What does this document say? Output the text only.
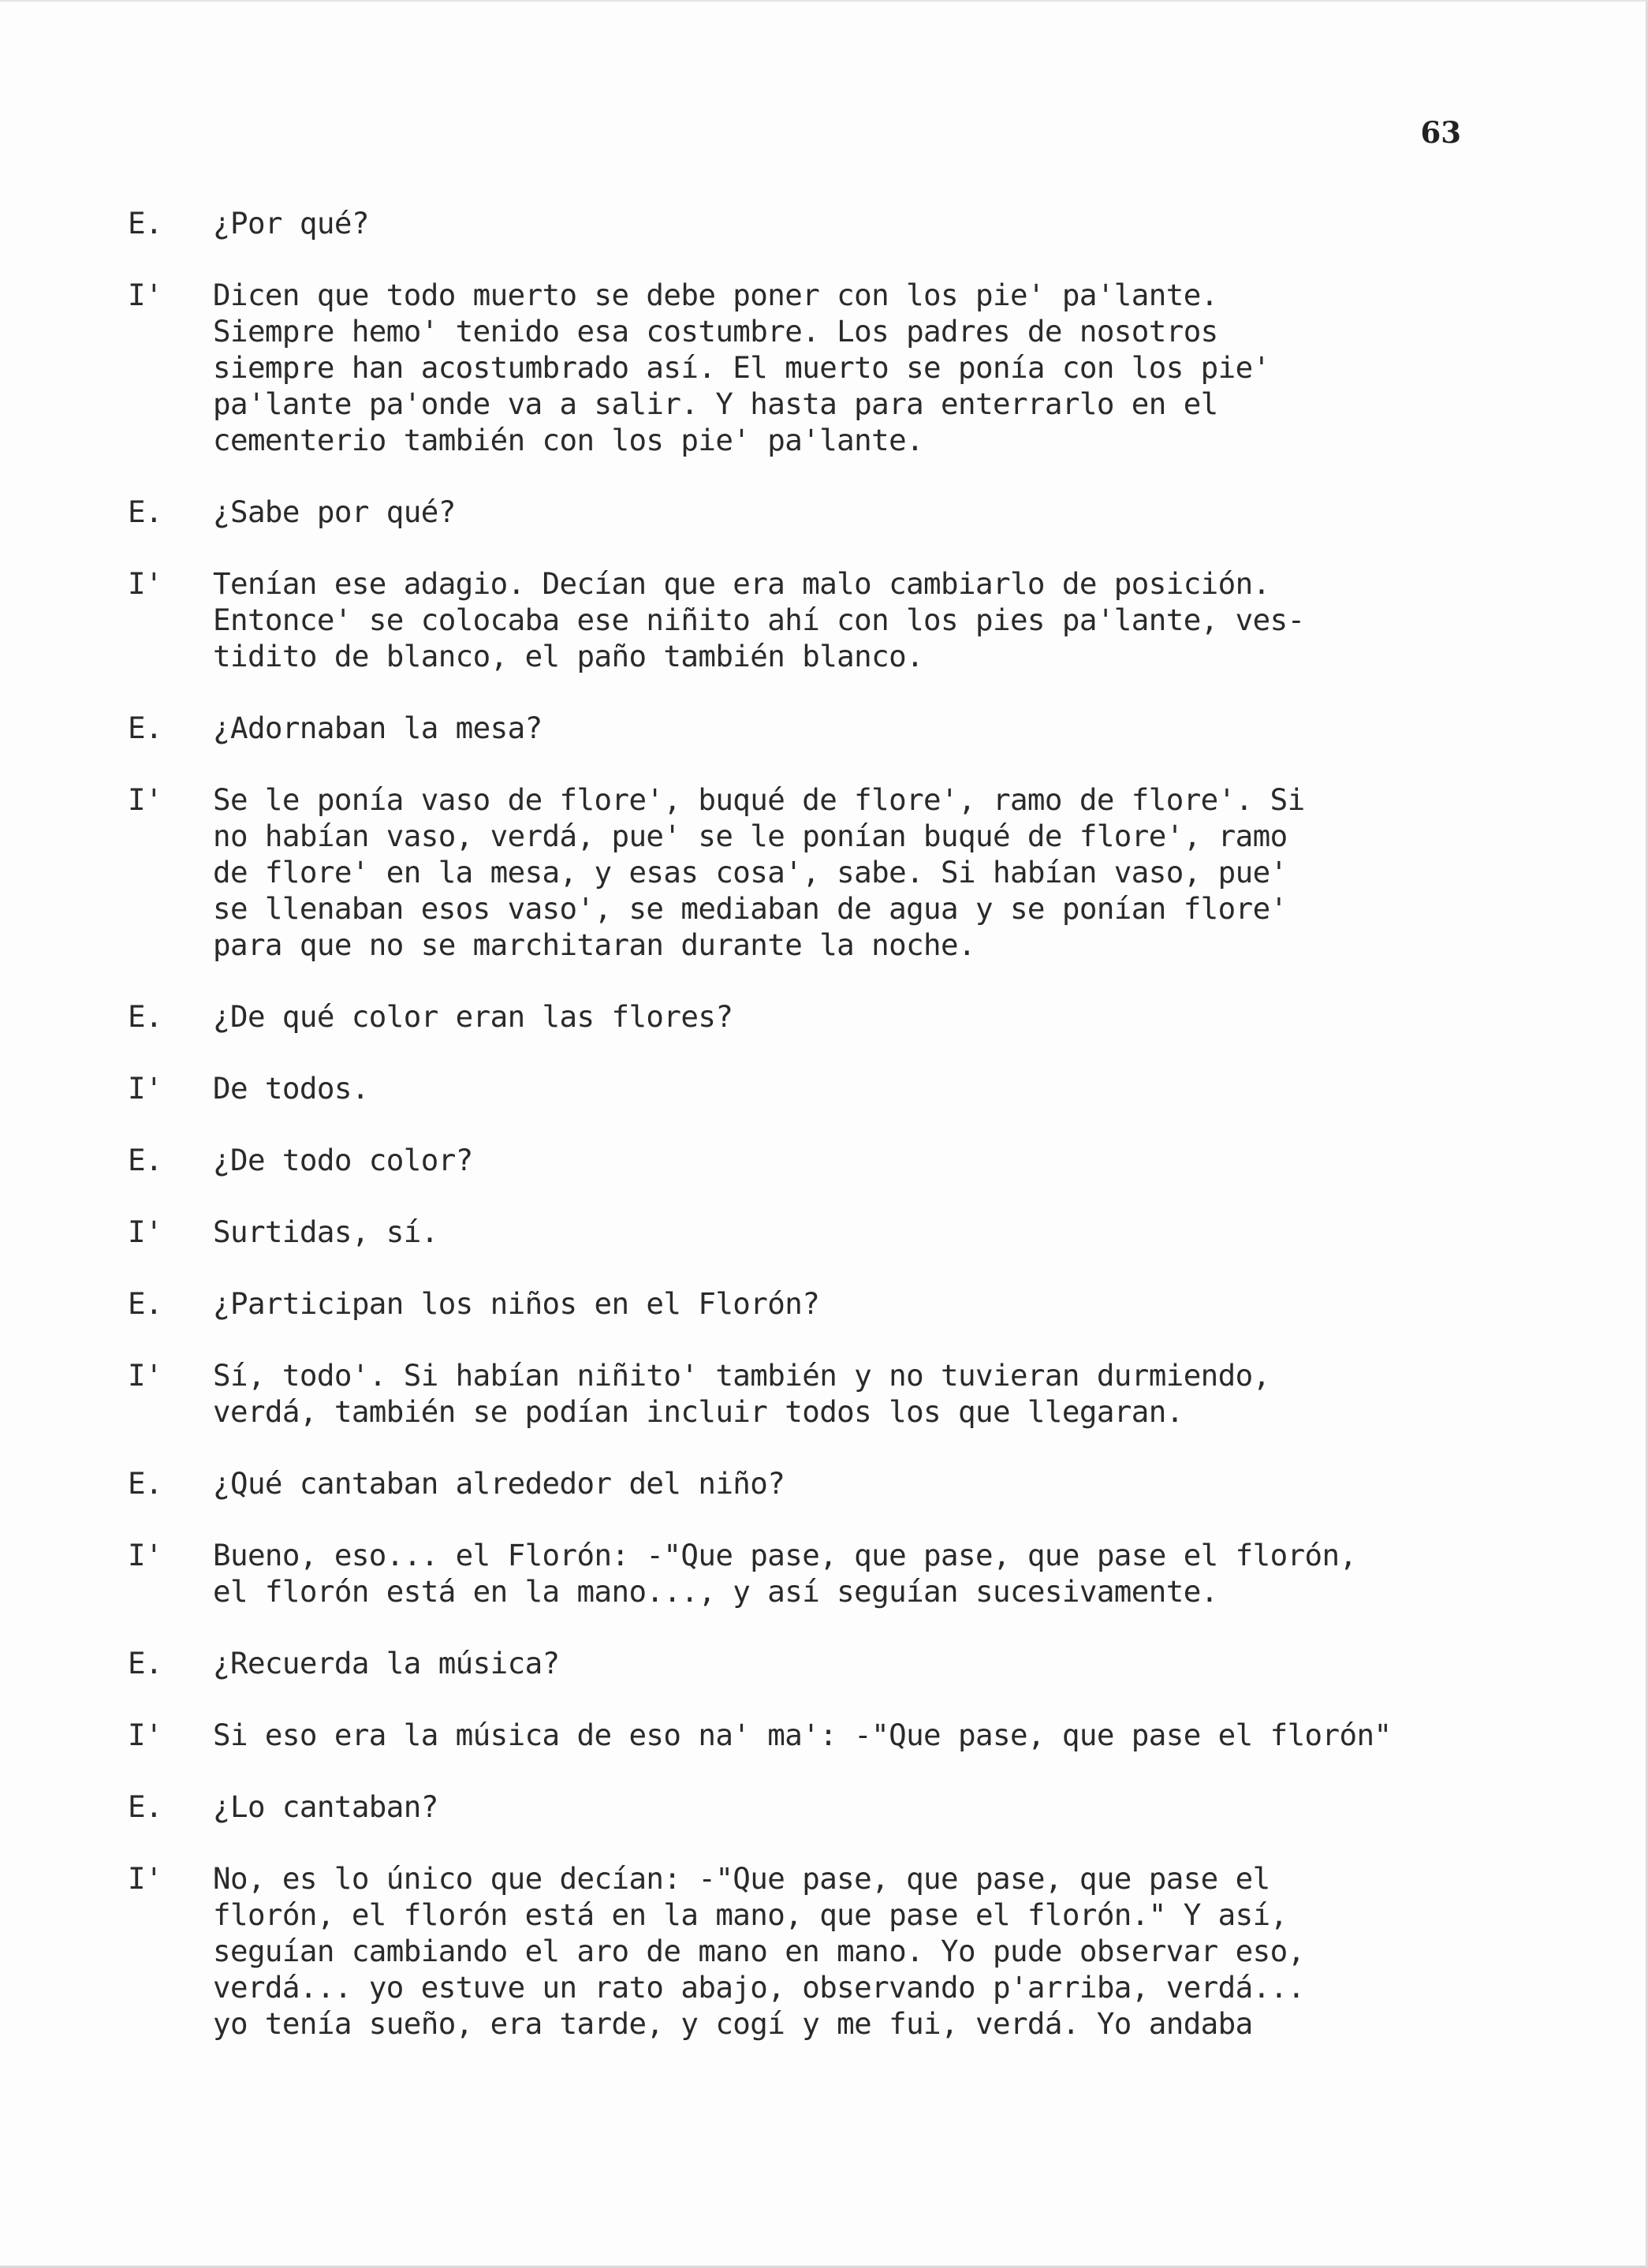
63
E.	¿Por qué?
I'	Dicen que todo muerto se debe poner con los pie' pa'lante.
Siempre hemo' tenido esa costumbre. Los padres de nosotros
siempre han acostumbrado así. El muerto se ponía con los pie'
pa'lante pa'onde va a salir. Y hasta para enterrarlo en el
cementerio también con los pie' pa'lante.
E.	¿Sabe por qué?
I'	Tenían ese adagio. Decían que era malo cambiarlo de posición.
Entonce' se colocaba ese niñito ahí con los pies pa'lante, ves-
tidito de blanco, el paño también blanco.
E.	¿Adornaban la mesa?
I'	Se le ponía vaso de flore', buqué de flore', ramo de flore'. Si
no habían vaso, verdá, pue' se le ponían buqué de flore', ramo
de flore' en la mesa, y esas cosa', sabe. Si habían vaso, pue'
se llenaban esos vaso', se mediaban de agua y se ponían flore'
para que no se marchitaran durante la noche.
E.	¿De qué color eran las flores?
I'	De todos.
E.	¿De todo color?
I'	Surtidas, sí.
E.	¿Participan los niños en el Florón?
I'	Sí, todo'. Si habían niñito' también y no tuvieran durmiendo,
verdá, también se podían incluir todos los que llegaran.
E.	¿Qué cantaban alrededor del niño?
I'	Bueno, eso... el Florón: -"Que pase, que pase, que pase el florón,
el florón está en la mano..., y así seguían sucesivamente.
E.	¿Recuerda la música?
I'	Si eso era la música de eso na' ma': -"Que pase, que pase el florón"
E.	¿Lo cantaban?
I'	No, es lo único que decían: -"Que pase, que pase, que pase el
florón, el florón está en la mano, que pase el florón." Y así,
seguían cambiando el aro de mano en mano. Yo pude observar eso,
verdá... yo estuve un rato abajo, observando p'arriba, verdá...
yo tenía sueño, era tarde, y cogí y me fui, verdá. Yo andaba
